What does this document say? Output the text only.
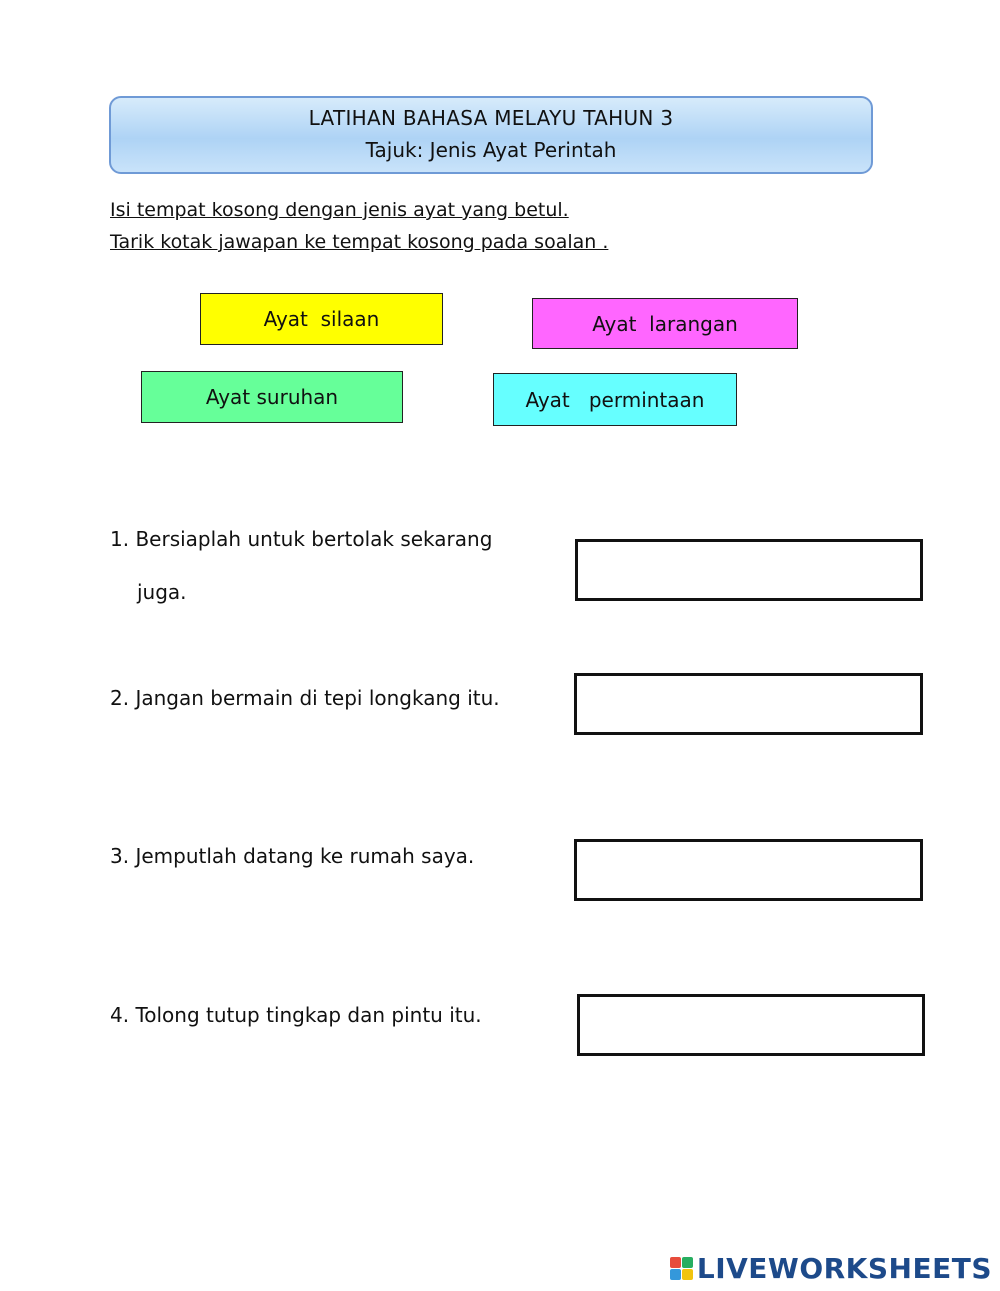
LATIHAN BAHASA MELAYU TAHUN 3
Tajuk: Jenis Ayat Perintah
Isi tempat kosong dengan jenis ayat yang betul.
Tarik kotak jawapan ke tempat kosong pada soalan .
Ayat  silaan	Ayat  larangan
Ayat suruhan	Ayat   permintaan
1. Bersiaplah untuk bertolak sekarang
juga.
2. Jangan bermain di tepi longkang itu.
3. Jemputlah datang ke rumah saya.
4. Tolong tutup tingkap dan pintu itu.
LIVEWORKSHEETS
